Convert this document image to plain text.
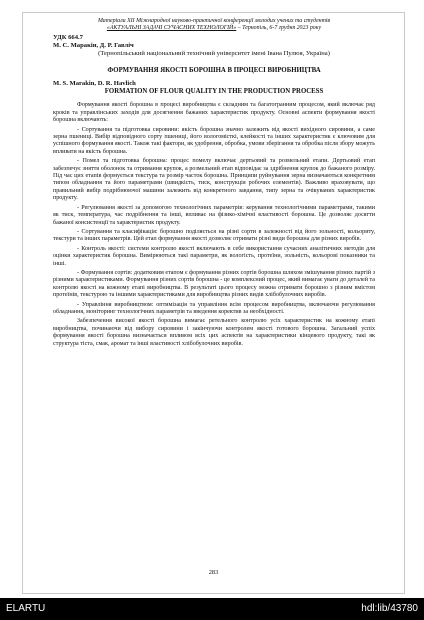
Матеріали XII Міжнародної науково-практичної конференції молодих учених та студентів
«АКТУАЛЬНІ ЗАДАЧІ СУЧАСНИХ ТЕХНОЛОГІЙ» – Тернопіль, 6-7 грудня 2023 року
УДК 664.7
М. С. Маракін, Д. Р. Гавліч
(Тернопільський національний технічний університет імені Івана Пулюя, Україна)
ФОРМУВАННЯ ЯКОСТІ БОРОШНА В ПРОЦЕСІ ВИРОБНИЦТВА
M. S. Marakin, D. R. Havlich
FORMATION OF FLOUR QUALITY IN THE PRODUCTION PROCESS

Формування якості борошна в процесі виробництва є складним та багатогранним процесом, який включає ряд кроків та управлінських заходів для досягнення бажаних характеристик продукту. Основні аспекти формування якості борошна включають:

- Сортування та підготовка сировини: якість борошна значно залежить від якості вихідного сировини, а саме зерна пшениці. Вибір відповідного сорту пшениці, його вологомісткі, клейкості та інших характеристик є ключовим для успішного формування якості. Також такі фактори, як удобрення, обробка, умови зберігання та обробка після збору можуть впливати на якість борошна.

- Помел та підготовка борошна: процес помелу включає дертьовий та розмельний етапи. Дертьовий етап забезпечує зняття оболонок та отримання крупок, а розмельний етап відповідає за здрібнення крупок до бажаного розміру. Під час цих етапів формується текстура та розмір часток борошна. Принципи руйнування зерна визначаються конкретним типом обладнання та його параметрами (швидкість, тиск, конструкція робочих елементів). Важливо враховувати, що правильний вибір подрібнюючої машини залежить від конкретного завдання, типу зерна та очікуваних характеристик продукту.

- Регулювання якості за допомогою технологічних параметрів: керування технологічними параметрами, такими як тиск, температура, час подрібнення та інші, впливає на фізико-хімічні властивості борошна. Це дозволяє досягти бажаної консистенції та характеристик продукту.

- Сортування та класифікація: борошно поділяється на різні сорти в залежності від його зольності, кольориту, текстури та інших параметрів. Цей етап формування якості дозволяє отримати різні види борошна для різних виробів.

- Контроль якості: системи контролю якості включають в себе використання сучасних аналітичних методів для оцінки характеристик борошна. Вимірюються такі параметри, як вологість, протеїни, зольність, кольорові показники та інші.

- Формування сортів: додатковим етапом є формування різних сортів борошна шляхом змішування різних партій з різними характеристиками. Формування різних сортів борошна - це комплексний процес, який вимагає уваги до деталей та контролю якості на кожному етапі виробництва. В результаті цього процесу можна отримати борошно з різним вмістом протеїнів, текстурою та іншими характеристиками для виробництва різних видів хлібобулочних виробів.

- Управління виробництвом: оптимізація та управління всім процесом виробництва, включаючи регулювання обладнання, моніторинг технологічних параметрів та введення коректив за необхідності.

Забезпечення високої якості борошна вимагає ретельного контролю усіх характеристик на кожному етапі виробництва, починаючи від вибору сировини і закінчуючи контролем якості готового борошна. Загальний успіх формування якості борошна визначається впливом всіх цих аспектів на характеристики кінцевого продукту, такі як структура тіста, смак, аромат та інші властивості хлібобулочних виробів.

283
ELARTU	hdl:lib/43780
